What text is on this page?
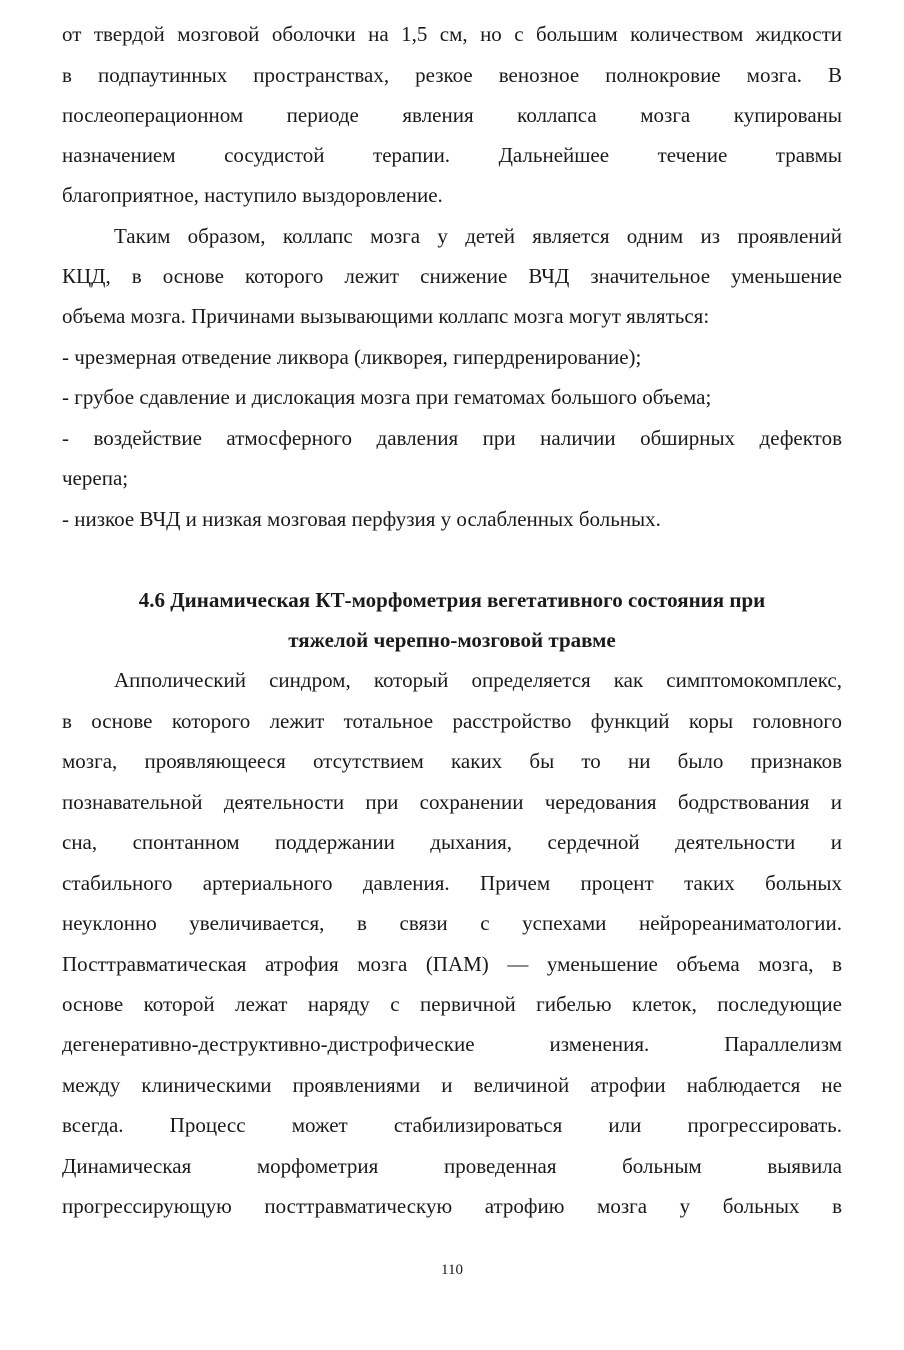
от твердой мозговой оболочки на 1,5 см, но с большим количеством жидкости
в подпаутинных пространствах, резкое венозное полнокровие мозга. В
послеоперационном периоде явления коллапса мозга купированы
назначением сосудистой терапии. Дальнейшее течение травмы
благоприятное, наступило выздоровление.
Таким образом, коллапс мозга у детей является одним из проявлений
КЦД, в основе которого лежит снижение ВЧД значительное уменьшение
объема мозга. Причинами вызывающими коллапс мозга могут являться:
- чрезмерная отведение ликвора (ликворея, гипердренирование);
- грубое сдавление и дислокация мозга при гематомах большого объема;
- воздействие атмосферного давления при наличии обширных дефектов
черепа;
- низкое ВЧД и низкая мозговая перфузия у ослабленных больных.
4.6 Динамическая КТ-морфометрия вегетативного состояния при
тяжелой черепно-мозговой травме
Апполический синдром, который определяется как симптомокомплекс,
в основе которого лежит тотальное расстройство функций коры головного
мозга, проявляющееся отсутствием каких бы то ни было признаков
познавательной деятельности при сохранении чередования бодрствования и
сна, спонтанном поддержании дыхания, сердечной деятельности и
стабильного артериального давления. Причем процент таких больных
неуклонно увеличивается, в связи с успехами нейрореаниматологии.
Посттравматическая атрофия мозга (ПАМ) — уменьшение объема мозга, в
основе которой лежат наряду с первичной гибелью клеток, последующие
дегенеративно-деструктивно-дистрофические изменения. Параллелизм
между клиническими проявлениями и величиной атрофии наблюдается не
всегда. Процесс может стабилизироваться или прогрессировать.
Динамическая морфометрия проведенная больным выявила
прогрессирующую посттравматическую атрофию мозга у больных в
110
